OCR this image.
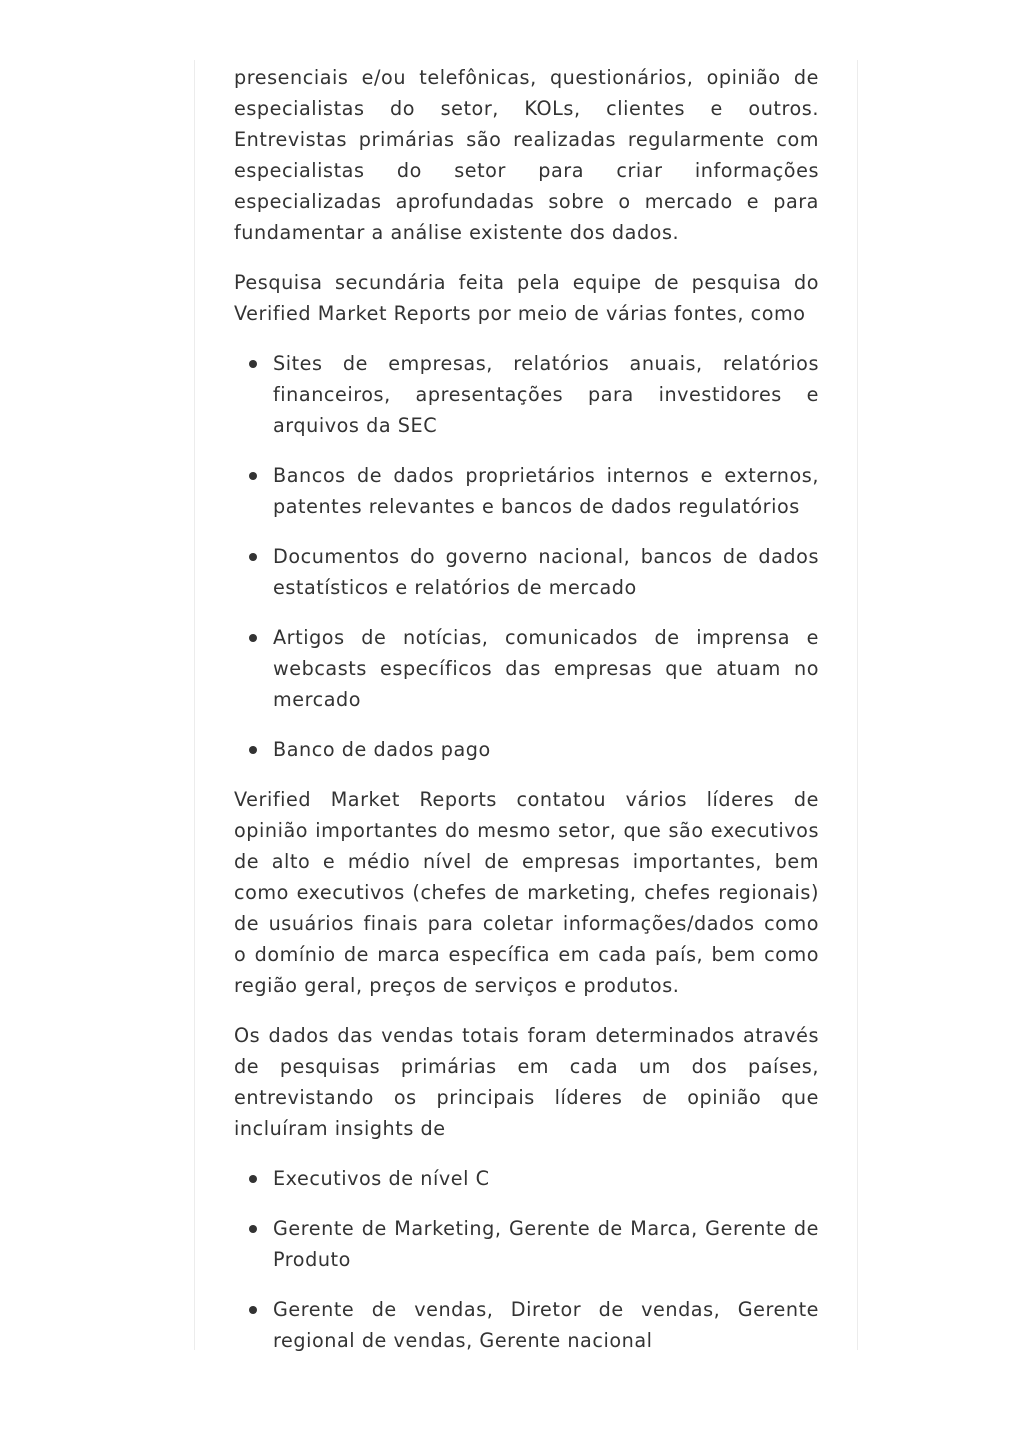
presenciais e/ou telefônicas, questionários, opinião de especialistas do setor, KOLs, clientes e outros. Entrevistas primárias são realizadas regularmente com especialistas do setor para criar informações especializadas aprofundadas sobre o mercado e para fundamentar a análise existente dos dados.

Pesquisa secundária feita pela equipe de pesquisa do Verified Market Reports por meio de várias fontes, como

Sites de empresas, relatórios anuais, relatórios financeiros, apresentações para investidores e arquivos da SEC
Bancos de dados proprietários internos e externos, patentes relevantes e bancos de dados regulatórios
Documentos do governo nacional, bancos de dados estatísticos e relatórios de mercado
Artigos de notícias, comunicados de imprensa e webcasts específicos das empresas que atuam no mercado
Banco de dados pago

Verified Market Reports contatou vários líderes de opinião importantes do mesmo setor, que são executivos de alto e médio nível de empresas importantes, bem como executivos (chefes de marketing, chefes regionais) de usuários finais para coletar informações/dados como o domínio de marca específica em cada país, bem como região geral, preços de serviços e produtos.

Os dados das vendas totais foram determinados através de pesquisas primárias em cada um dos países, entrevistando os principais líderes de opinião que incluíram insights de

Executivos de nível C
Gerente de Marketing, Gerente de Marca, Gerente de Produto
Gerente de vendas, Diretor de vendas, Gerente regional de vendas, Gerente nacional
